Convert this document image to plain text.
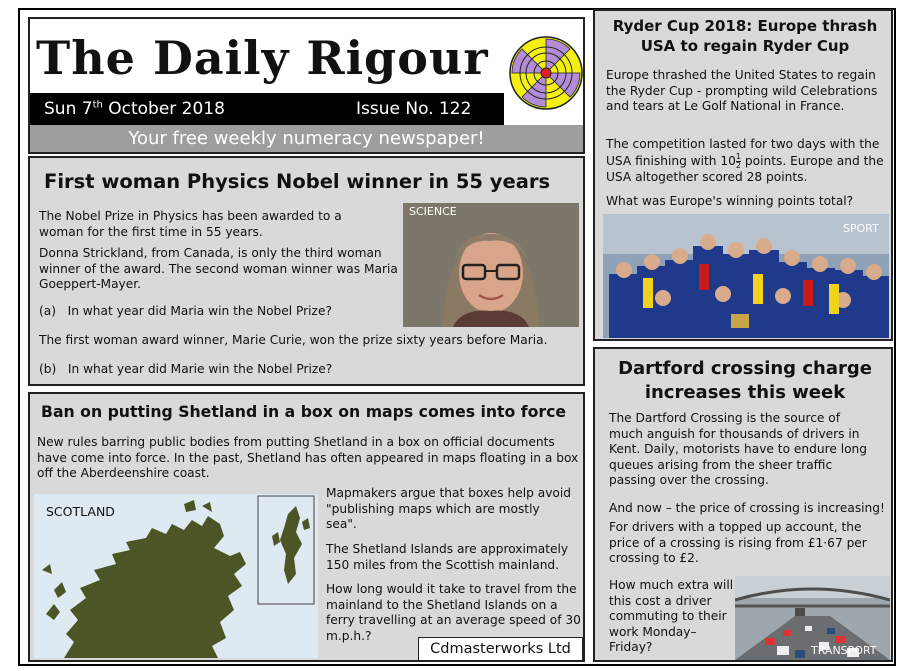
The Daily Rigour
Sun 7th October 2018	Issue No. 122
Your free weekly numeracy newspaper!
First woman Physics Nobel winner in 55 years

The Nobel Prize in Physics has been awarded to a woman for the first time in 55 years.

Donna Strickland, from Canada, is only the third woman winner of the award. The second woman winner was Maria Goeppert-Mayer.

(a) In what year did Maria win the Nobel Prize?

The first woman award winner, Marie Curie, won the prize sixty years before Maria.

(b) In what year did Marie win the Nobel Prize?
SCIENCE
Ban on putting Shetland in a box on maps comes into force

New rules barring public bodies from putting Shetland in a box on official documents have come into force. In the past, Shetland has often appeared in maps floating in a box off the Aberdeenshire coast.

SCOTLAND

Mapmakers argue that boxes help avoid "publishing maps which are mostly sea".

The Shetland Islands are approximately 150 miles from the Scottish mainland.

How long would it take to travel from the mainland to the Shetland Islands on a ferry travelling at an average speed of 30 m.p.h.?

Cdmasterworks Ltd
Ryder Cup 2018: Europe thrash USA to regain Ryder Cup

Europe thrashed the United States to regain the Ryder Cup - prompting wild Celebrations and tears at Le Golf National in France.

The competition lasted for two days with the USA finishing with $10 \frac{1}{2}$ points. Europe and the USA altogether scored 28 points.

What was Europe's winning points total?

SPORT
Dartford crossing charge increases this week

The Dartford Crossing is the source of much anguish for thousands of drivers in Kent. Daily, motorists have to endure long queues arising from the sheer traffic passing over the crossing.

And now – the price of crossing is increasing!

For drivers with a topped up account, the price of a crossing is rising from £1·67 per crossing to £2.

How much extra will this cost a driver commuting to their work Monday–Friday?	TRANSPORT
